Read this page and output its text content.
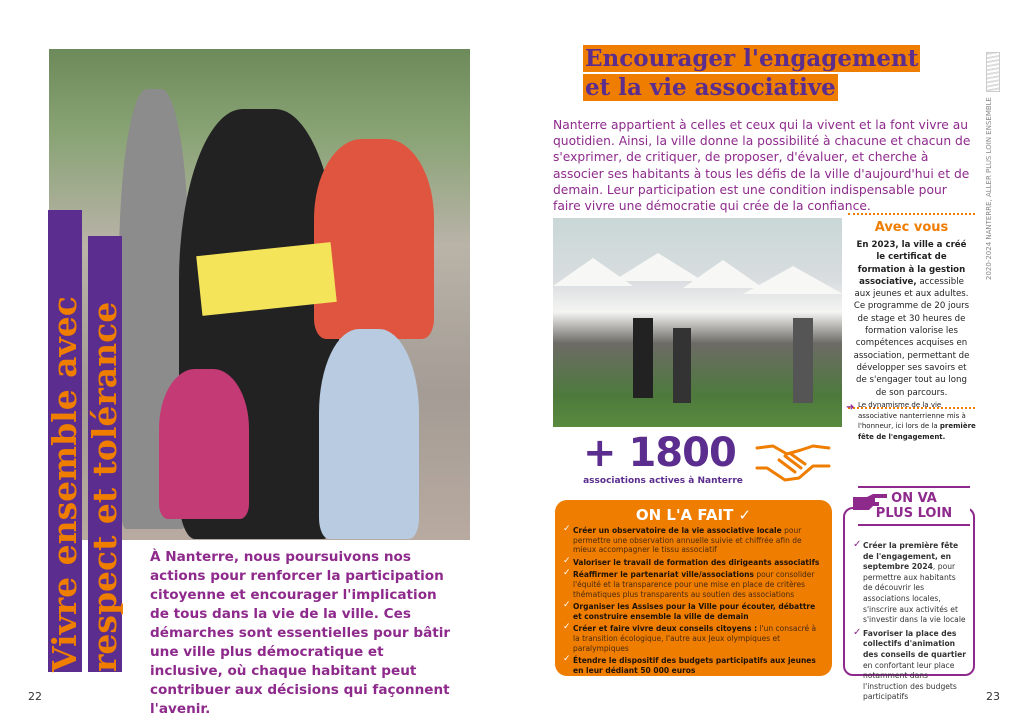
Vivre ensemble avec respect et tolérance À Nanterre, nous poursuivons nos actions pour renforcer la participation citoyenne et encourager l'implication de tous dans la vie de la ville. Ces démarches sont essentielles pour bâtir une ville plus démocratique et inclusive, où chaque habitant peut contribuer aux décisions qui façonnent l'avenir.

22
Encourager l'engagement
et la vie associative

Nanterre appartient à celles et ceux qui la vivent et la font vivre au quotidien. Ainsi, la ville donne la possibilité à chacune et chacun de s'exprimer, de critiquer, de proposer, d'évaluer, et cherche à associer ses habitants à tous les défis de la ville d'aujourd'hui et de demain. Leur participation est une condition indispensable pour faire vivre une démocratie qui crée de la confiance.

Avec vous

En 2023, la ville a créé le certificat de formation à la gestion associative, accessible aux jeunes et aux adultes. Ce programme de 20 jours de stage et 30 heures de formation valorise les compétences acquises en association, permettant de développer ses savoirs et de s'engager tout au long de son parcours.

➜ Le dynamisme de la vie associative nanterrienne mis à l'honneur, ici lors de la première fête de l'engagement.

+ 1800
associations actives à Nanterre
ON L'A FAIT ✓
✓ Créer un observatoire de la vie associative locale pour permettre une observation annuelle suivie et chiffrée afin de mieux accompagner le tissu associatif
✓ Valoriser le travail de formation des dirigeants associatifs
✓ Réaffirmer le partenariat ville/associations pour consolider l'équité et la transparence pour une mise en place de critères thématiques plus transparents au soutien des associations
✓ Organiser les Assises pour la Ville pour écouter, débattre et construire ensemble la ville de demain
✓ Créer et faire vivre deux conseils citoyens : l'un consacré à la transition écologique, l'autre aux Jeux olympiques et paralympiques
✓ Étendre le dispositif des budgets participatifs aux jeunes en leur dédiant 50 000 euros
✓ Créer la première fête de l'engagement, en septembre 2024, pour permettre aux habitants de découvrir les associations locales, s'inscrire aux activités et s'investir dans la vie locale
✓ Favoriser la place des collectifs d'animation des conseils de quartier en confortant leur place notamment dans l'instruction des budgets participatifs
ON VA
PLUS LOIN
2020-2024 NANTERRE, ALLER PLUS LOIN ENSEMBLE
23
